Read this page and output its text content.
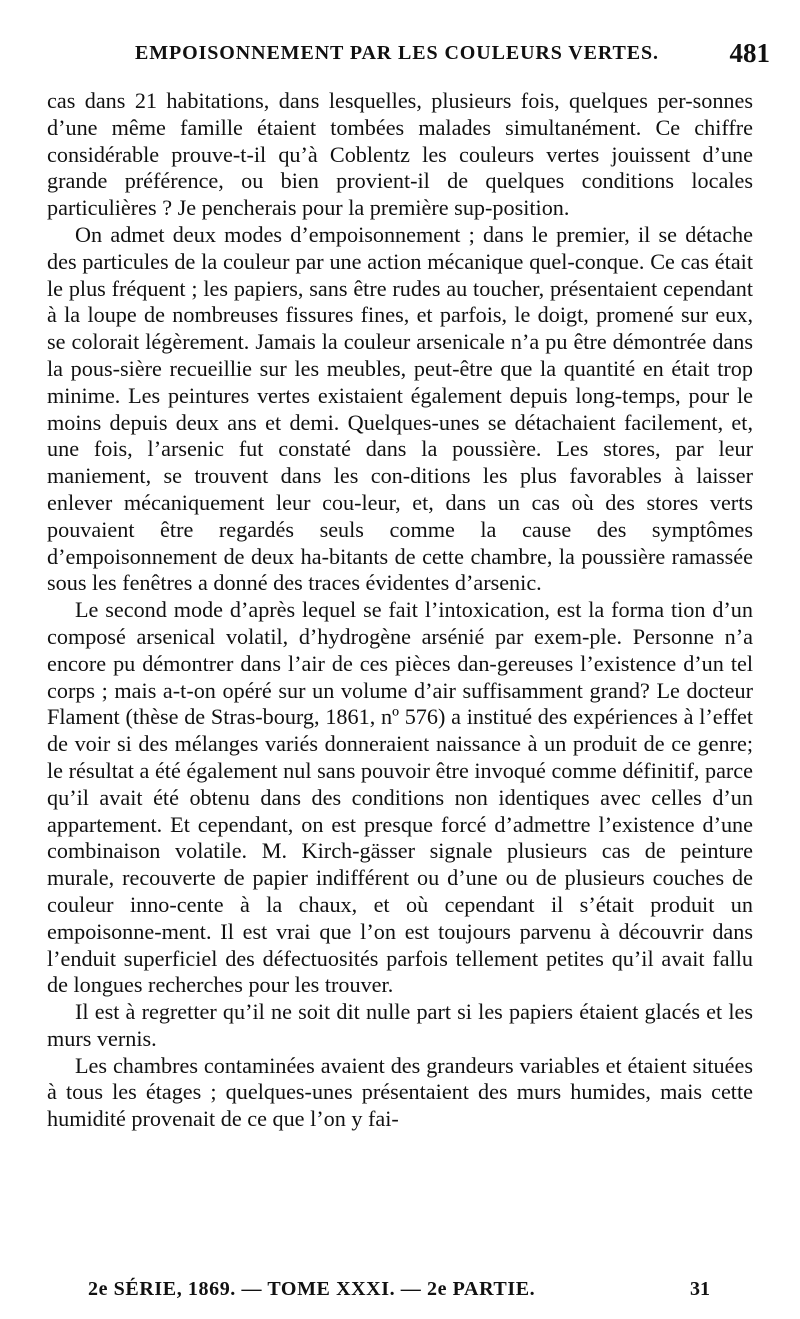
EMPOISONNEMENT PAR LES COULEURS VERTES.	481

cas dans 21 habitations, dans lesquelles, plusieurs fois, quelques per-sonnes d’une même famille étaient tombées malades simultanément. Ce chiffre considérable prouve-t-il qu’à Coblentz les couleurs vertes jouissent d’une grande préférence, ou bien provient-il de quelques conditions locales particulières ? Je pencherais pour la première sup-position.

On admet deux modes d’empoisonnement ; dans le premier, il se détache des particules de la couleur par une action mécanique quel-conque. Ce cas était le plus fréquent ; les papiers, sans être rudes au toucher, présentaient cependant à la loupe de nombreuses fissures fines, et parfois, le doigt, promené sur eux, se colorait légèrement. Jamais la couleur arsenicale n’a pu être démontrée dans la pous-sière recueillie sur les meubles, peut-être que la quantité en était trop minime. Les peintures vertes existaient également depuis long-temps, pour le moins depuis deux ans et demi. Quelques-unes se détachaient facilement, et, une fois, l’arsenic fut constaté dans la poussière. Les stores, par leur maniement, se trouvent dans les con-ditions les plus favorables à laisser enlever mécaniquement leur cou-leur, et, dans un cas où des stores verts pouvaient être regardés seuls comme la cause des symptômes d’empoisonnement de deux ha-bitants de cette chambre, la poussière ramassée sous les fenêtres a donné des traces évidentes d’arsenic.

Le second mode d’après lequel se fait l’intoxication, est la forma tion d’un composé arsenical volatil, d’hydrogène arsénié par exem-ple. Personne n’a encore pu démontrer dans l’air de ces pièces dan-gereuses l’existence d’un tel corps ; mais a-t-on opéré sur un volume d’air suffisamment grand? Le docteur Flament (thèse de Stras-bourg, 1861, nº 576) a institué des expériences à l’effet de voir si des mélanges variés donneraient naissance à un produit de ce genre; le résultat a été également nul sans pouvoir être invoqué comme définitif, parce qu’il avait été obtenu dans des conditions non identiques avec celles d’un appartement. Et cependant, on est presque forcé d’admettre l’existence d’une combinaison volatile. M. Kirch-gässer signale plusieurs cas de peinture murale, recouverte de papier indifférent ou d’une ou de plusieurs couches de couleur inno-cente à la chaux, et où cependant il s’était produit un empoisonne-ment. Il est vrai que l’on est toujours parvenu à découvrir dans l’enduit superficiel des défectuosités parfois tellement petites qu’il avait fallu de longues recherches pour les trouver.

Il est à regretter qu’il ne soit dit nulle part si les papiers étaient glacés et les murs vernis.

Les chambres contaminées avaient des grandeurs variables et étaient situées à tous les étages ; quelques-unes présentaient des murs humides, mais cette humidité provenait de ce que l’on y fai-

2e SÉRIE, 1869. — TOME XXXI. — 2e PARTIE.	31
